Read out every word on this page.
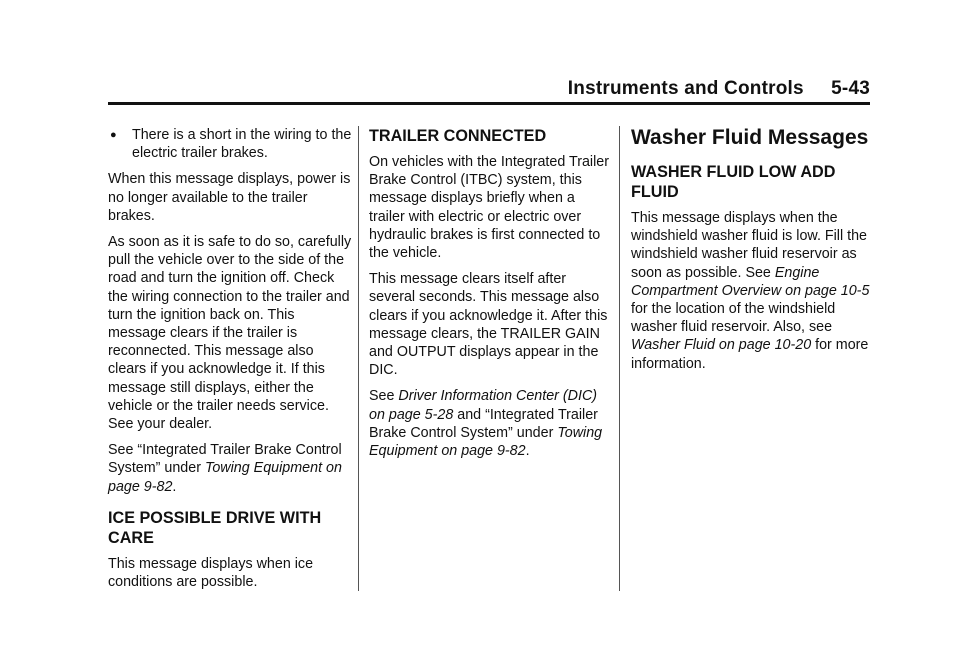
Instruments and Controls     5-43
● There is a short in the wiring to the electric trailer brakes.

When this message displays, power is no longer available to the trailer brakes.

As soon as it is safe to do so, carefully pull the vehicle over to the side of the road and turn the ignition off. Check the wiring connection to the trailer and turn the ignition back on. This message clears if the trailer is reconnected. This message also clears if you acknowledge it. If this message still displays, either the vehicle or the trailer needs service. See your dealer.

See “Integrated Trailer Brake Control System” under Towing Equipment on page 9-82.

ICE POSSIBLE DRIVE WITH CARE

This message displays when ice conditions are possible.

TRAILER CONNECTED

On vehicles with the Integrated Trailer Brake Control (ITBC) system, this message displays briefly when a trailer with electric or electric over hydraulic brakes is first connected to the vehicle.

This message clears itself after several seconds. This message also clears if you acknowledge it. After this message clears, the TRAILER GAIN and OUTPUT displays appear in the DIC.

See Driver Information Center (DIC) on page 5-28 and “Integrated Trailer Brake Control System” under Towing Equipment on page 9-82.

Washer Fluid Messages
WASHER FLUID LOW ADD FLUID

This message displays when the windshield washer fluid is low. Fill the windshield washer fluid reservoir as soon as possible. See Engine Compartment Overview on page 10-5 for the location of the windshield washer fluid reservoir. Also, see Washer Fluid on page 10-20 for more information.
